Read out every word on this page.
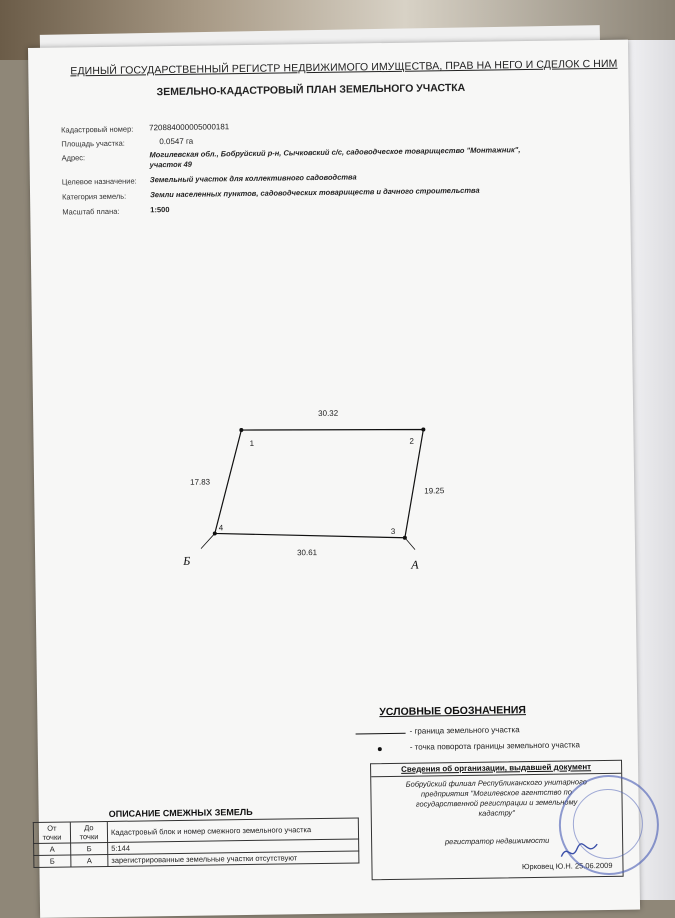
ЕДИНЫЙ ГОСУДАРСТВЕННЫЙ РЕГИСТР НЕДВИЖИМОГО ИМУЩЕСТВА, ПРАВ НА НЕГО И СДЕЛОК С НИМ
ЗЕМЕЛЬНО-КАДАСТРОВЫЙ ПЛАН ЗЕМЕЛЬНОГО УЧАСТКА
Кадастровый номер: 720884000005000181
Площадь участка:	0.0547 га
Адрес:	Могилевская обл., Бобруйский р-н, Сычковский с/с, садоводческое товарищество "Монтажник",
участок 49
Целевое назначение: Земельный участок для коллективного садоводства
Категория земель:	Земли населенных пунктов, садоводческих товариществ и дачного строительства
Масштаб плана:	1:500
30.32
17.83
19.25
30.61
1	2
3
4
Б	А
УСЛОВНЫЕ ОБОЗНАЧЕНИЯ
- граница земельного участка
- точка поворота границы земельного участка
Сведения об организации, выдавшей документ
Бобруйский филиал Республиканского унитарного
предприятия "Могилевское агентство по
государственной регистрации и земельному
кадастру"
регистратор недвижимости
Юрковец Ю.Н. 25.06.2009
ОПИСАНИЕ СМЕЖНЫХ ЗЕМЕЛЬ
От точки	До точки	Кадастровый блок и номер смежного земельного участка
А	Б	5:144
Б	А	зарегистрированные земельные участки отсутствуют
